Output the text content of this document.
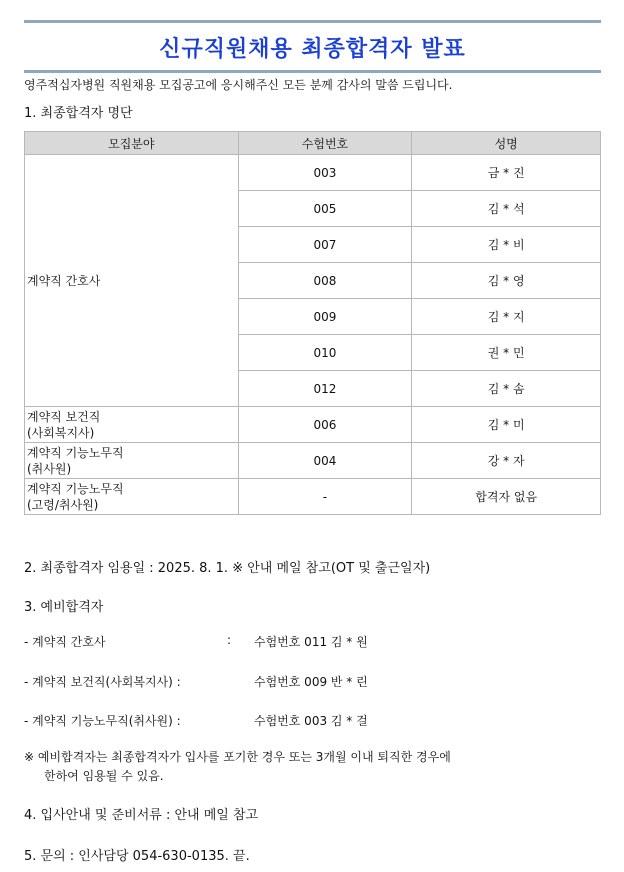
신규직원채용 최종합격자 발표
영주적십자병원 직원채용 모집공고에 응시해주신 모든 분께 감사의 말씀 드립니다.
1. 최종합격자 명단
모집분야	수험번호	성명
계약직 간호사	003	금 * 진
	005	김 * 석
	007	김 * 비
	008	김 * 영
	009	김 * 지
	010	권 * 민
	012	김 * 솜
계약직 보건직
(사회복지사)	006	김 * 미
계약직 기능노무직
(취사원)	004	강 * 자
계약직 기능노무직
(고령/취사원)	-	합격자 없음
2. 최종합격자 임용일 : 2025. 8. 1. ※ 안내 메일 참고(OT 및 출근일자)
3. 예비합격자
- 계약직 간호사	: 수험번호 011 김 * 원
- 계약직 보건직(사회복지사) :	수험번호 009 반 * 린
- 계약직 기능노무직(취사원) :	수험번호 003 김 * 걸
※ 예비합격자는 최종합격자가 입사를 포기한 경우 또는 3개월 이내 퇴직한 경우에
한하여 임용될 수 있음.
4. 입사안내 및 준비서류 : 안내 메일 참고
5. 문의 : 인사담당 054-630-0135. 끝.
